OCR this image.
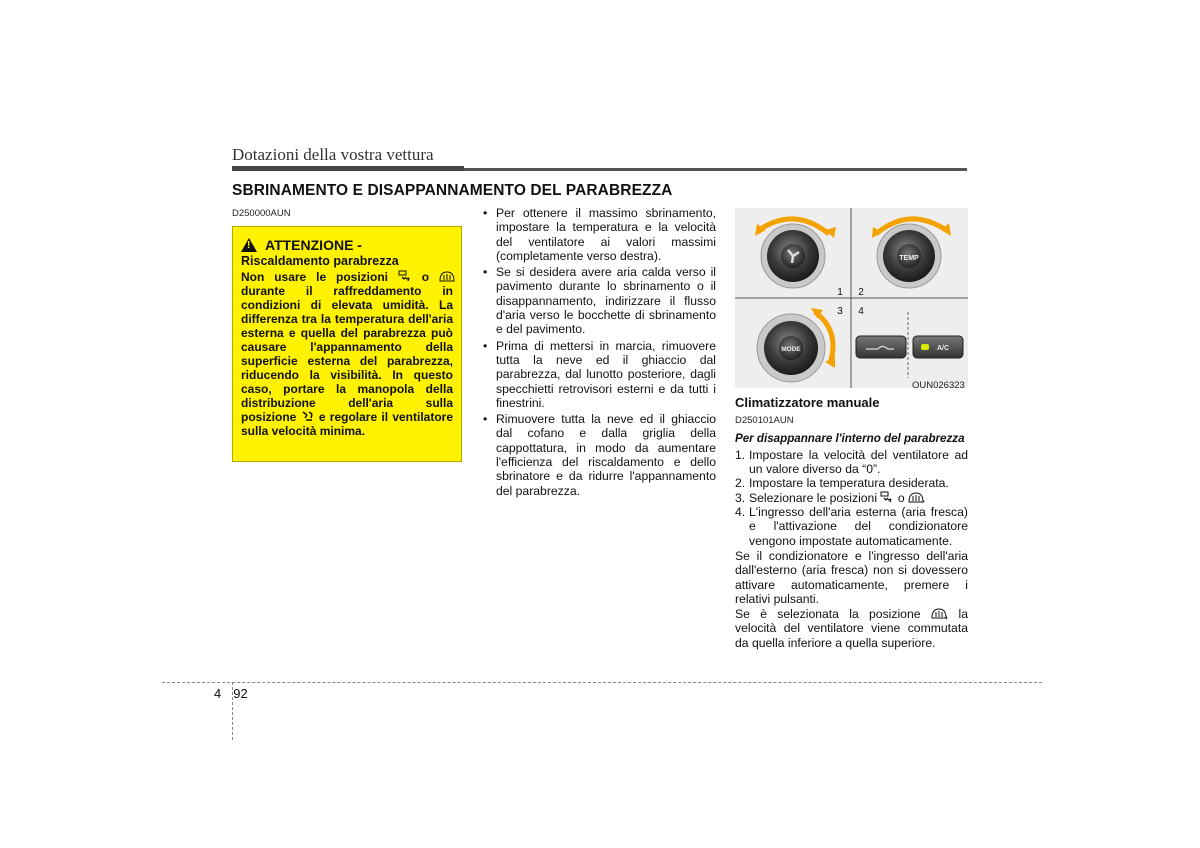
Dotazioni della vostra vettura
SBRINAMENTO E DISAPPANNAMENTO DEL PARABREZZA
D250000AUN
! ATTENZIONE -
Riscaldamento parabrezza
Non usare le posizioni  o  durante il raffreddamento in condizioni di elevata umidità. La differenza tra la temperatura dell'aria esterna e quella del parabrezza può causare l'appannamento della superficie esterna del parabrezza, riducendo la visibilità. In questo caso, portare la manopola della distribuzione dell'aria sulla posizione  e regolare il ventilatore sulla velocità minima.
• Per ottenere il massimo sbrinamento, impostare la temperatura e la velocità del ventilatore ai valori massimi (completamente verso destra).
• Se si desidera avere aria calda verso il pavimento durante lo sbrinamento o il disappannamento, indirizzare il flusso d'aria verso le bocchette di sbrinamento e del pavimento.
• Prima di mettersi in marcia, rimuovere tutta la neve ed il ghiaccio dal parabrezza, dal lunotto posteriore, dagli specchietti retrovisori esterni e da tutti i finestrini.
• Rimuovere tutta la neve ed il ghiaccio dal cofano e dalla griglia della cappottatura, in modo da aumentare l'efficienza del riscaldamento e dello sbrinatore e da ridurre l'appannamento del parabrezza.
TEMP
1 2
3 4
MODE	A/C
OUN026323
Climatizzatore manuale
D250101AUN
Per disappannare l'interno del parabrezza
1. Impostare la velocità del ventilatore ad un valore diverso da “0”.
2. Impostare la temperatura desiderata.
3. Selezionare le posizioni  o .
4. L'ingresso dell'aria esterna (aria fresca) e l'attivazione del condizionatore vengono impostate automaticamente.

Se il condizionatore e l'ingresso dell'aria dall'esterno (aria fresca) non si dovessero attivare automaticamente, premere i relativi pulsanti.

Se è selezionata la posizione , la velocità del ventilatore viene commutata da quella inferiore a quella superiore.

4 92
